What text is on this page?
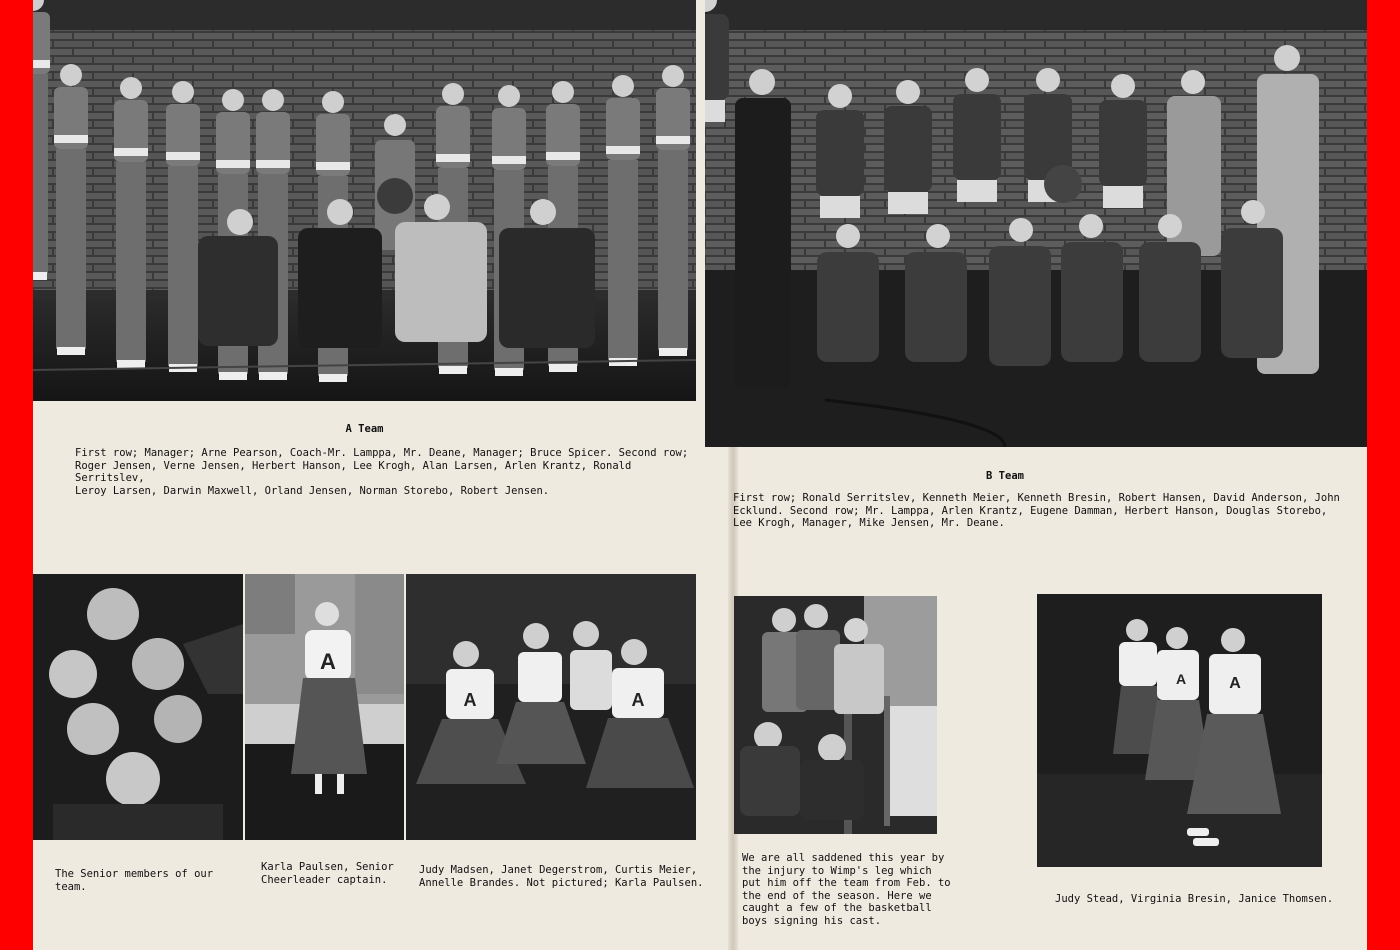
A Team
First row; Manager; Arne Pearson, Coach-Mr. Lamppa, Mr. Deane, Manager; Bruce Spicer. Second row;
Roger Jensen, Verne Jensen, Herbert Hanson, Lee Krogh, Alan Larsen, Arlen Krantz, Ronald Serritslev,
Leroy Larsen, Darwin Maxwell, Orland Jensen, Norman Storebo, Robert Jensen.
A
A	A
The Senior members of our team.
Karla Paulsen, Senior
Cheerleader captain.
Judy Madsen, Janet Degerstrom, Curtis Meier,
Annelle Brandes. Not pictured; Karla Paulsen.
B Team
First row; Ronald Serritslev, Kenneth Meier, Kenneth Bresin, Robert Hansen, David Anderson, John
Ecklund. Second row; Mr. Lamppa, Arlen Krantz, Eugene Damman, Herbert Hanson, Douglas Storebo,
Lee Krogh, Manager, Mike Jensen, Mr. Deane.
A	A
We are all saddened this year by
the injury to Wimp's leg which
put him off the team from Feb. to
the end of the season. Here we
caught a few of the basketball
boys signing his cast.
Judy Stead, Virginia Bresin, Janice Thomsen.
